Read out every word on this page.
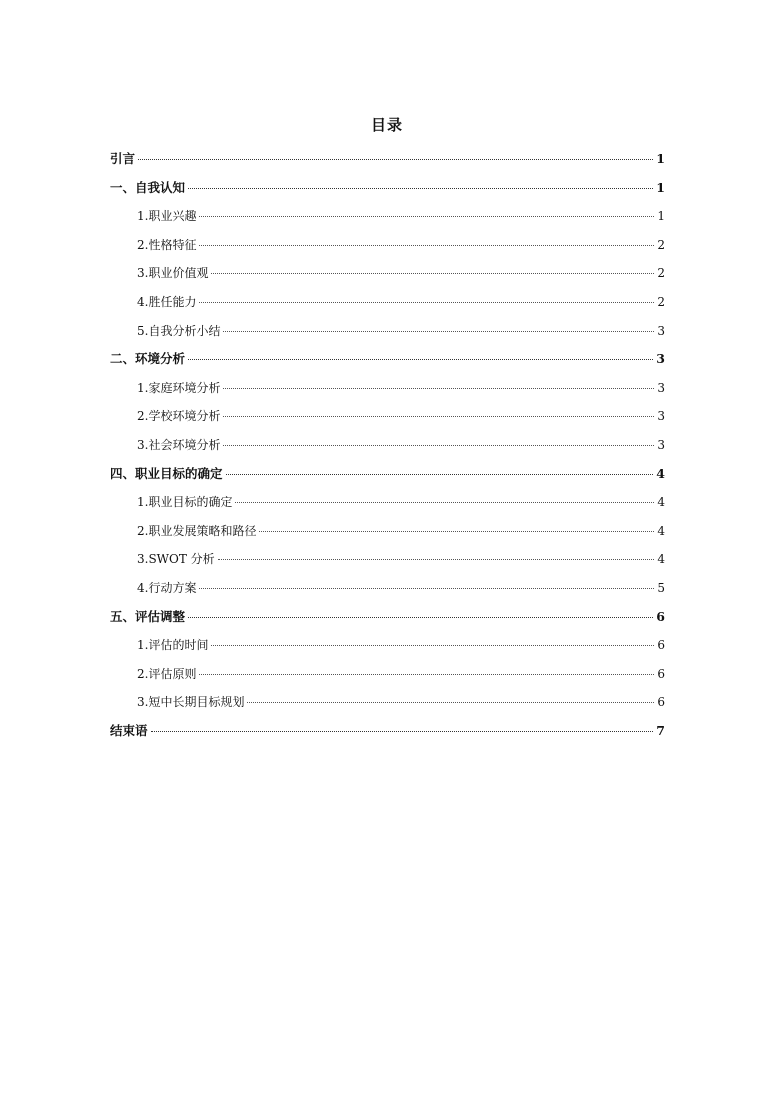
目录
引言	1
一、自我认知	1
1.职业兴趣	1
2.性格特征	2
3.职业价值观	2
4.胜任能力	2
5.自我分析小结	3
二、环境分析	3
1.家庭环境分析	3
2.学校环境分析	3
3.社会环境分析	3
四、职业目标的确定	4
1.职业目标的确定	4
2.职业发展策略和路径	4
3.SWOT 分析	4
4.行动方案	5
五、评估调整	6
1.评估的时间	6
2.评估原则	6
3.短中长期目标规划	6
结束语	7
